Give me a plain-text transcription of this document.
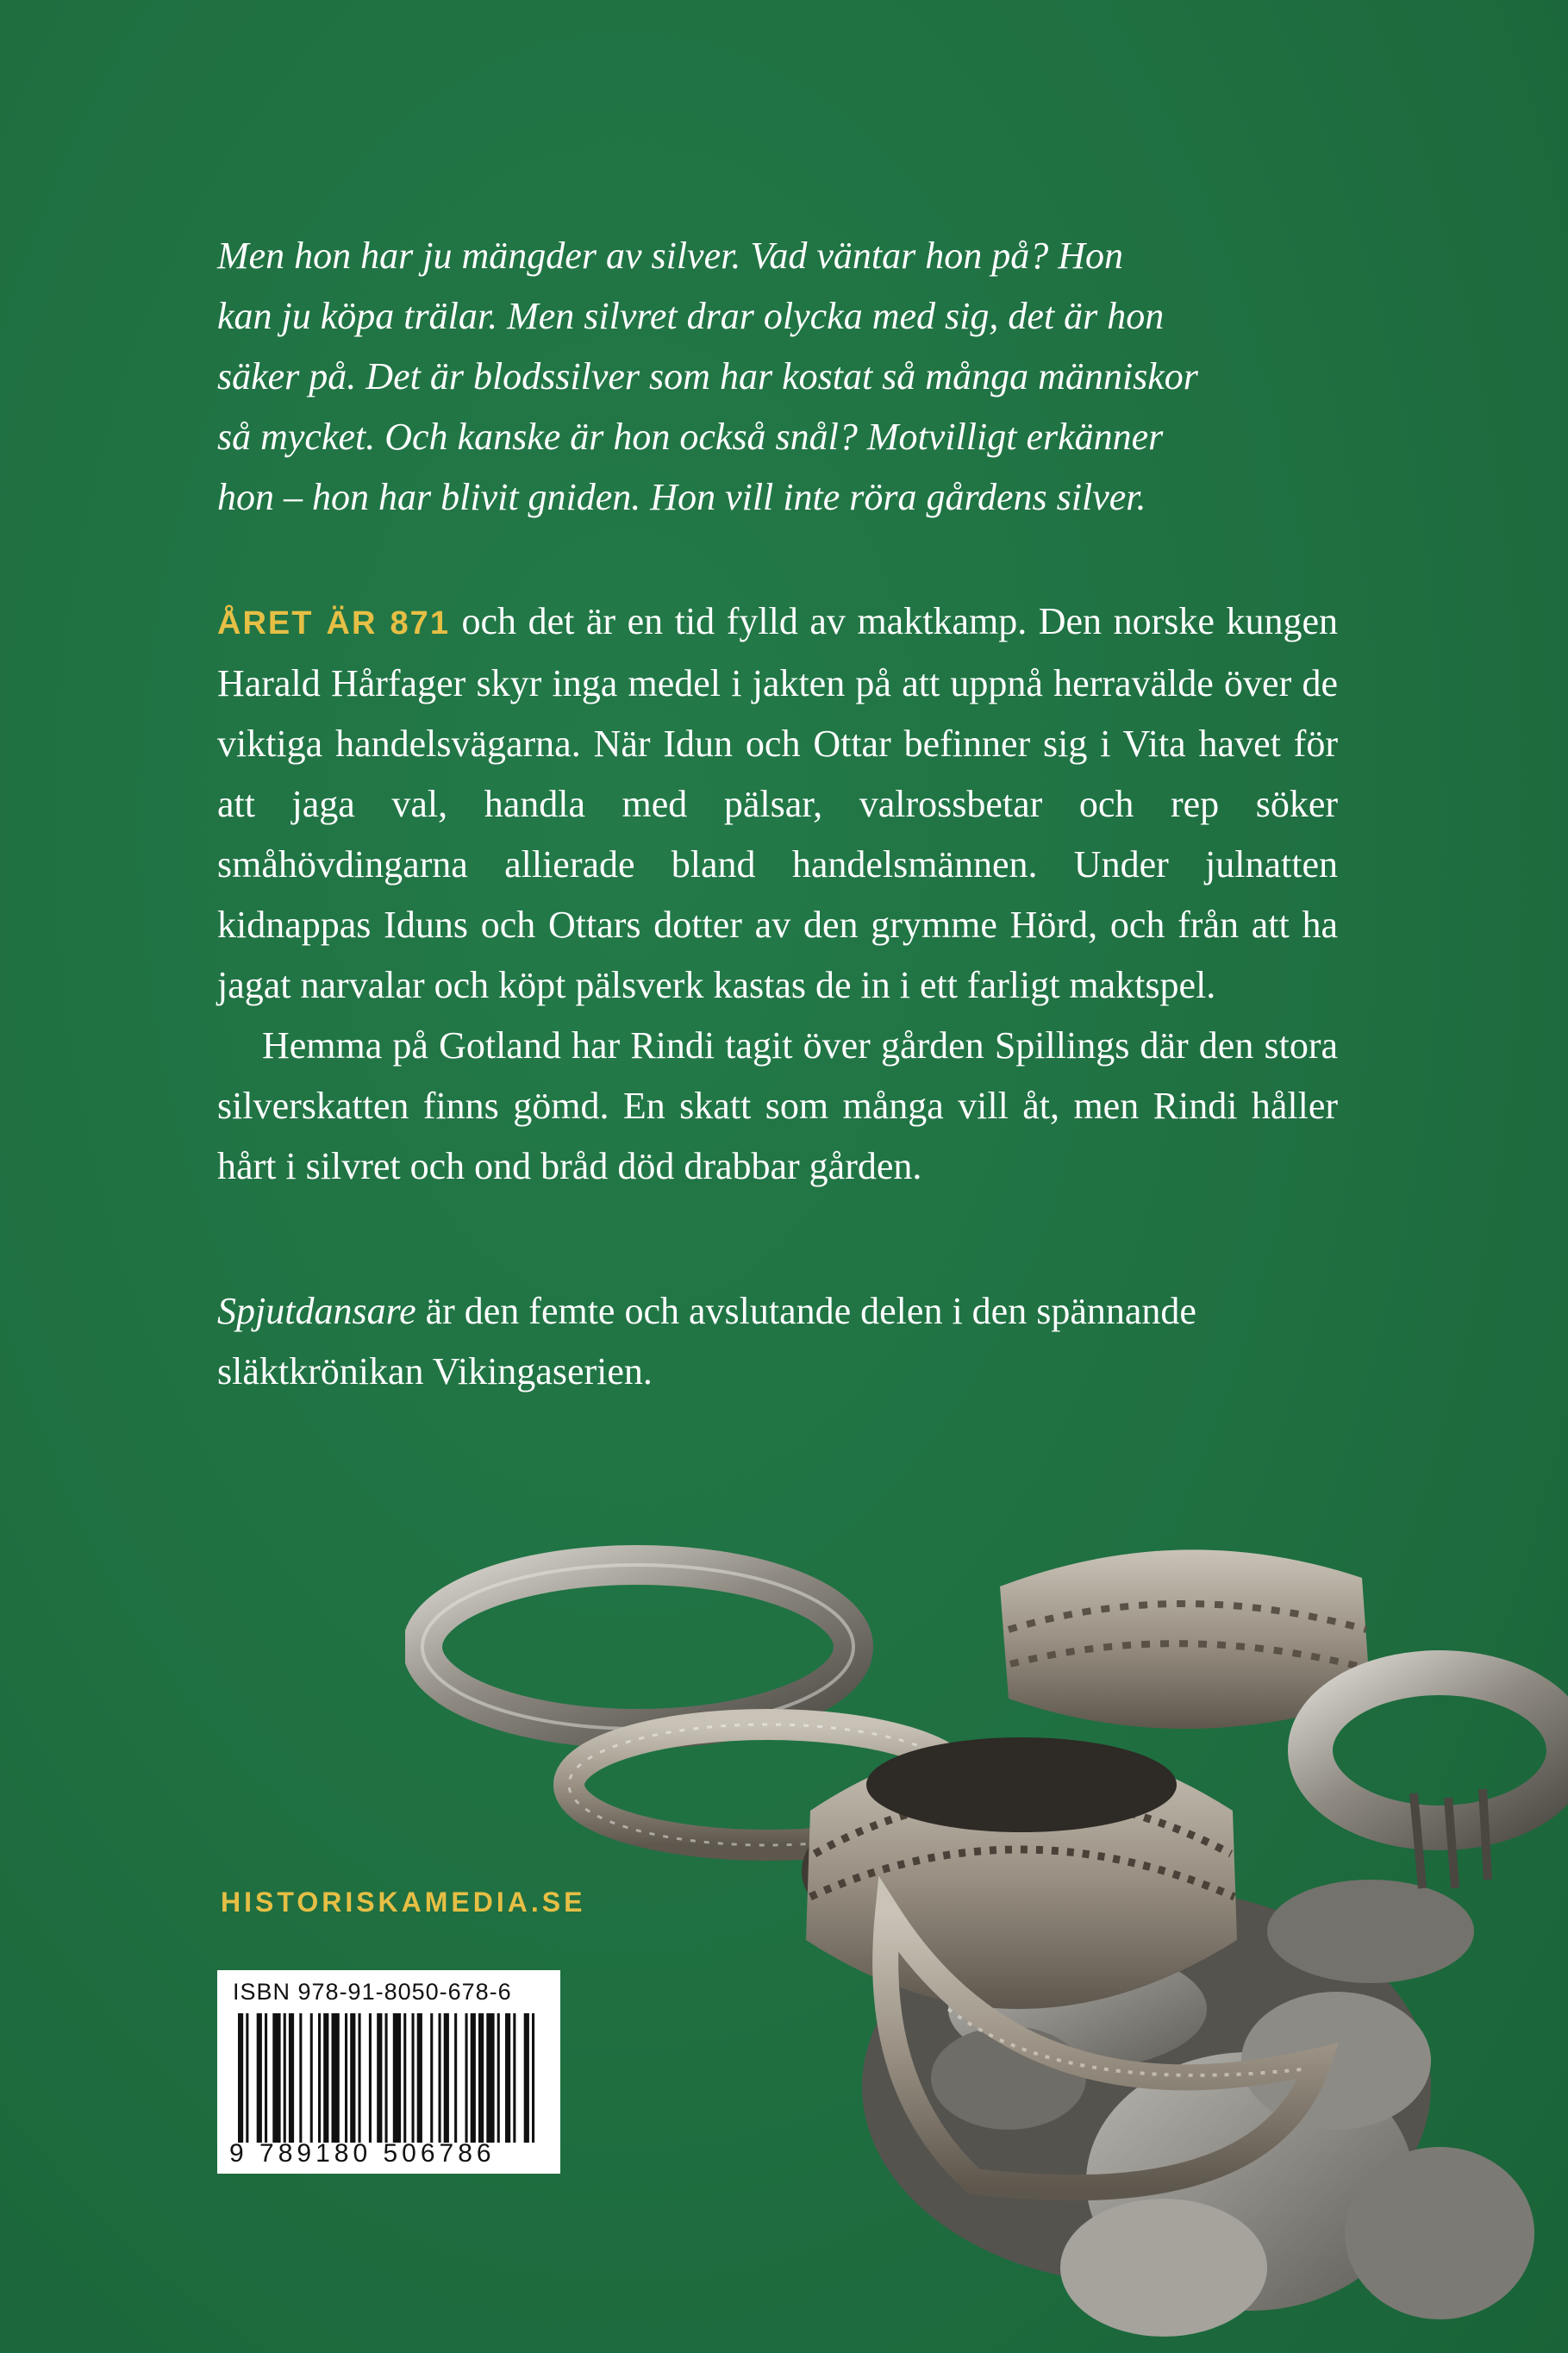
Men hon har ju mängder av silver. Vad väntar hon på? Hon

kan ju köpa trälar. Men silvret drar olycka med sig, det är hon

säker på. Det är blodssilver som har kostat så många människor

så mycket. Och kanske är hon också snål? Motvilligt erkänner

hon – hon har blivit gniden. Hon vill inte röra gårdens silver.

ÅRET ÄR 871 och det är en tid fylld av maktkamp. Den norske kungen Harald Hårfager skyr inga medel i jakten på att uppnå herravälde över de viktiga handelsvägarna. När Idun och Ottar befinner sig i Vita havet för att jaga val, handla med pälsar, valrossbetar och rep söker småhövdingarna allierade bland handelsmännen. Under julnatten kidnappas Iduns och Ottars dotter av den grymme Hörd, och från att ha jagat narvalar och köpt pälsverk kastas de in i ett farligt maktspel.

Hemma på Gotland har Rindi tagit över gården Spillings där den stora silverskatten finns gömd. En skatt som många vill åt, men Rindi håller hårt i silvret och ond bråd död drabbar gården.

Spjutdansare är den femte och avslutande delen i den spännande släktkrönikan Vikingaserien.

HISTORISKAMEDIA.SE
ISBN 978-91-8050-678-6
9 789180 506786
